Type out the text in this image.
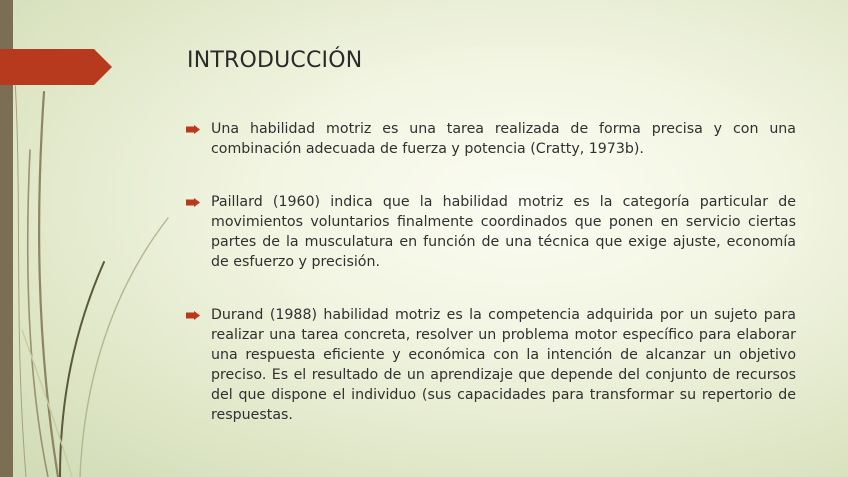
INTRODUCCIÓN
Una habilidad motriz es una tarea realizada de forma precisa y con una combinación adecuada de fuerza y potencia (Cratty, 1973b).
Paillard (1960) indica que la habilidad motriz es la categoría particular de movimientos voluntarios finalmente coordinados que ponen en servicio ciertas partes de la musculatura en función de una técnica que exige ajuste, economía de esfuerzo y precisión.
Durand (1988) habilidad motriz es la competencia adquirida por un sujeto para realizar una tarea concreta, resolver un problema motor específico para elaborar una respuesta eficiente y económica con la intención de alcanzar un objetivo preciso. Es el resultado de un aprendizaje que depende del conjunto de recursos del que dispone el individuo (sus capacidades para transformar su repertorio de respuestas.
